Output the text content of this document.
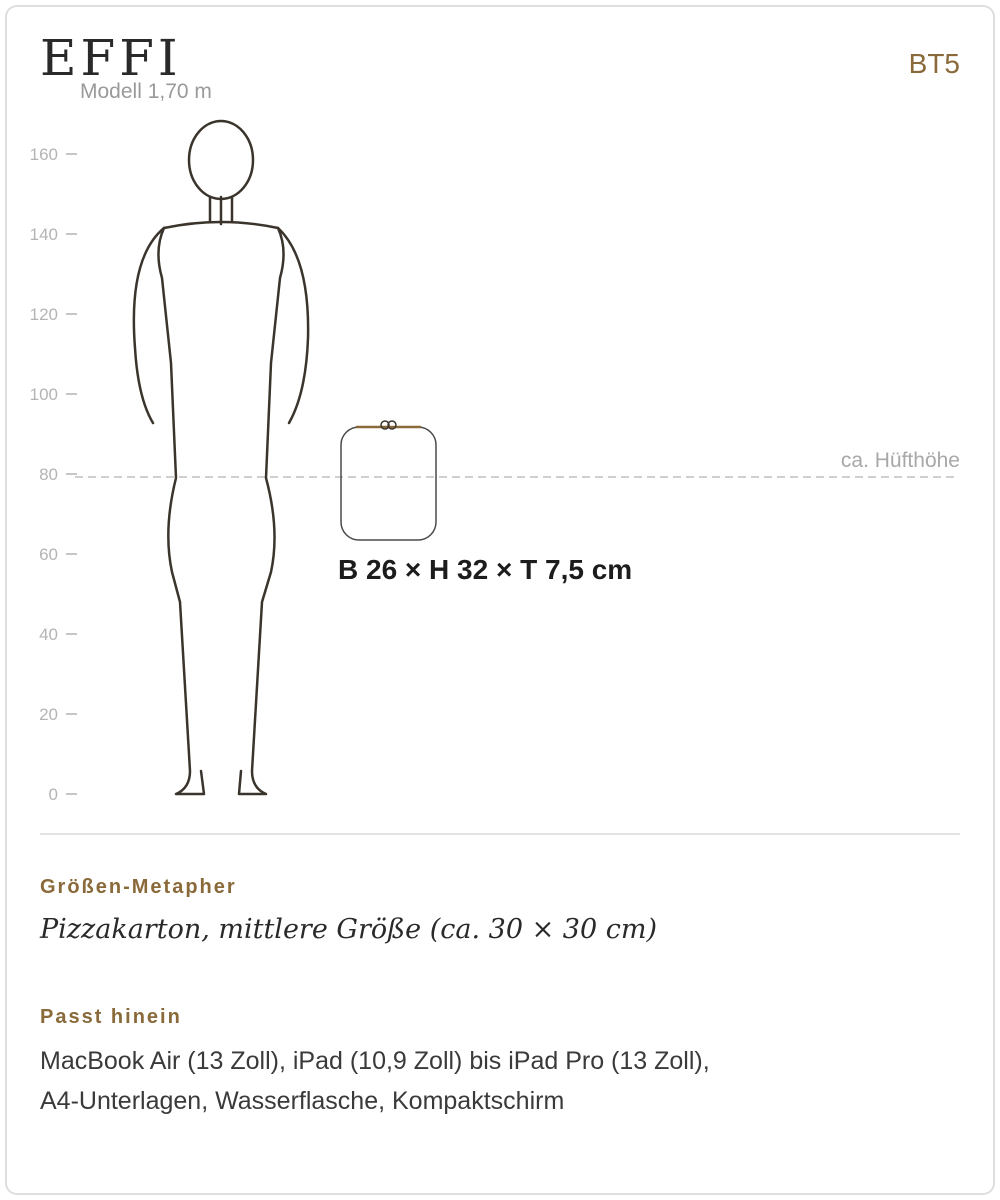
EFFI
Modell 1,70 m
BT5
0
20
40
60
80
100
120
140
160
ca. Hüfthöhe
B 26 × H 32 × T 7,5 cm
Größen-Metapher
Pizzakarton, mittlere Größe (ca. 30 × 30 cm)
Passt hinein
MacBook Air (13 Zoll), iPad (10,9 Zoll) bis iPad Pro (13 Zoll), A4-Unterlagen, Wasserflasche, Kompaktschirm
